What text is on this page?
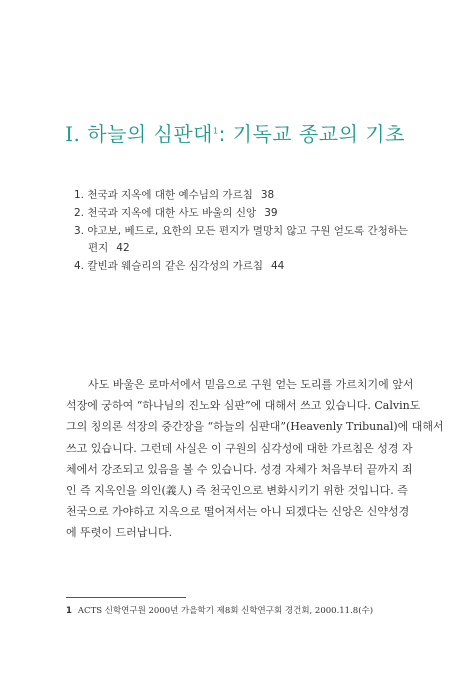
Ⅰ. 하늘의 심판대$^1$: 기독교 종교의 기초
1. 천국과 지옥에 대한 예수님의 가르침 38
2. 천국과 지옥에 대한 사도 바울의 신앙 39
3. 야고보, 베드로, 요한의 모든 편지가 멸망치 않고 구원 얻도록 간청하는
편지 42
4. 칼빈과 웨슬리의 같은 심각성의 가르침 44
사도 바울은 로마서에서 믿음으로 구원 얻는 도리를 가르치기에 앞서
석장에 궁하여 “하나님의 진노와 심판”에 대해서 쓰고 있습니다. Calvin도
그의 칭의론 석장의 중간장을 “하늘의 심판대”(Heavenly Tribunal)에 대해서
쓰고 있습니다. 그런데 사실은 이 구원의 심각성에 대한 가르침은 성경 자
체에서 강조되고 있음을 볼 수 있습니다. 성경 자체가 처음부터 끝까지 죄
인 즉 지옥인을 의인(義人) 즉 천국인으로 변화시키기 위한 것입니다. 즉
천국으로 가야하고 지옥으로 떨어져서는 아니 되겠다는 신앙은 신약성경
에 뚜렷이 드러납니다.
1 ACTS 신학연구원 2000년 가을학기 제8회 신학연구회 경건회, 2000.11.8(수)
